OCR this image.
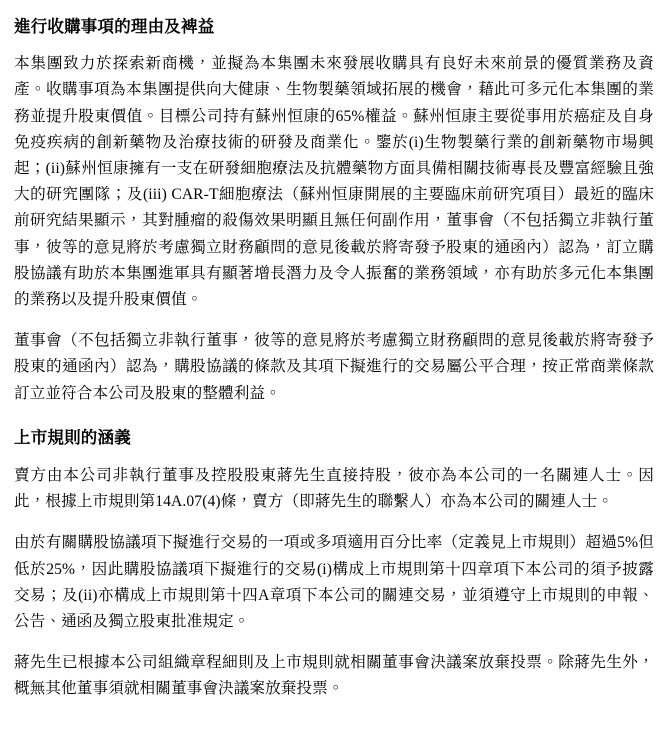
進行收購事項的理由及裨益

本集團致力於探索新商機，並擬為本集團未來發展收購具有良好未來前景的優質業務及資產。收購事項為本集團提供向大健康、生物製藥領域拓展的機會，藉此可多元化本集團的業務並提升股東價值。目標公司持有蘇州恒康的65%權益。蘇州恒康主要從事用於癌症及自身免疫疾病的創新藥物及治療技術的研發及商業化。鑒於(i)生物製藥行業的創新藥物市場興起；(ii)蘇州恒康擁有一支在研發細胞療法及抗體藥物方面具備相關技術專長及豐富經驗且強大的研究團隊；及(iii) CAR-T細胞療法（蘇州恒康開展的主要臨床前研究項目）最近的臨床前研究結果顯示，其對腫瘤的殺傷效果明顯且無任何副作用，董事會（不包括獨立非執行董事，彼等的意見將於考慮獨立財務顧問的意見後載於將寄發予股東的通函內）認為，訂立購股協議有助於本集團進軍具有顯著增長潛力及令人振奮的業務領域，亦有助於多元化本集團的業務以及提升股東價值。

董事會（不包括獨立非執行董事，彼等的意見將於考慮獨立財務顧問的意見後載於將寄發予股東的通函內）認為，購股協議的條款及其項下擬進行的交易屬公平合理，按正常商業條款訂立並符合本公司及股東的整體利益。

上市規則的涵義

賣方由本公司非執行董事及控股股東蔣先生直接持股，彼亦為本公司的一名關連人士。因此，根據上市規則第14A.07(4)條，賣方（即蔣先生的聯繫人）亦為本公司的關連人士。

由於有關購股協議項下擬進行交易的一項或多項適用百分比率（定義見上市規則）超過5%但低於25%，因此購股協議項下擬進行的交易(i)構成上市規則第十四章項下本公司的須予披露交易；及(ii)亦構成上市規則第十四A章項下本公司的關連交易，並須遵守上市規則的申報、公告、通函及獨立股東批准規定。

蔣先生已根據本公司組織章程細則及上市規則就相關董事會決議案放棄投票。除蔣先生外，概無其他董事須就相關董事會決議案放棄投票。
